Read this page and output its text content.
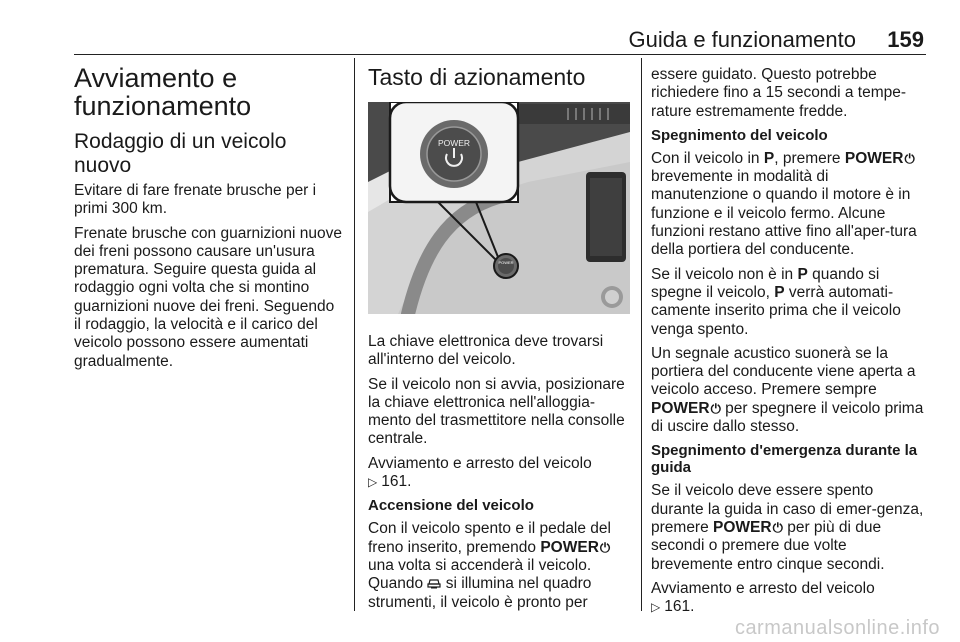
Guida e funzionamento 159
Avviamento e funzionamento
Rodaggio di un veicolo nuovo

Evitare di fare frenate brusche per i primi 300 km.

Frenate brusche con guarnizioni nuove dei freni possono causare un'usura prematura. Seguire questa guida al rodaggio ogni volta che si montino guarnizioni nuove dei freni. Seguendo il rodaggio, la velocità e il carico del veicolo possono essere aumentati gradualmente.

Tasto di azionamento
POWER
POWER

La chiave elettronica deve trovarsi all'interno del veicolo.

Se il veicolo non si avvia, posizionare la chiave elettronica nell'alloggia-mento del trasmettitore nella consolle centrale.

Avviamento e arresto del veicolo
▷ 161.

Accensione del veicolo

Con il veicolo spento e il pedale del freno inserito, premendo POWER ⏻ una volta si accenderà il veicolo. Quando si illumina nel quadro strumenti, il veicolo è pronto per

essere guidato. Questo potrebbe richiedere fino a 15 secondi a tempe-rature estremamente fredde.

Spegnimento del veicolo

Con il veicolo in P, premere POWER ⏻ brevemente in modalità di manutenzione o quando il motore è in funzione e il veicolo fermo. Alcune funzioni restano attive fino all'aper-tura della portiera del conducente.

Se il veicolo non è in P quando si spegne il veicolo, P verrà automati-camente inserito prima che il veicolo venga spento.

Un segnale acustico suonerà se la portiera del conducente viene aperta a veicolo acceso. Premere sempre POWER ⏻ per spegnere il veicolo prima di uscire dallo stesso.

Spegnimento d'emergenza durante la guida

Se il veicolo deve essere spento durante la guida in caso di emer-genza, premere POWER ⏻ per più di due secondi o premere due volte brevemente entro cinque secondi.

Avviamento e arresto del veicolo
▷ 161.

carmanualsonline.info
